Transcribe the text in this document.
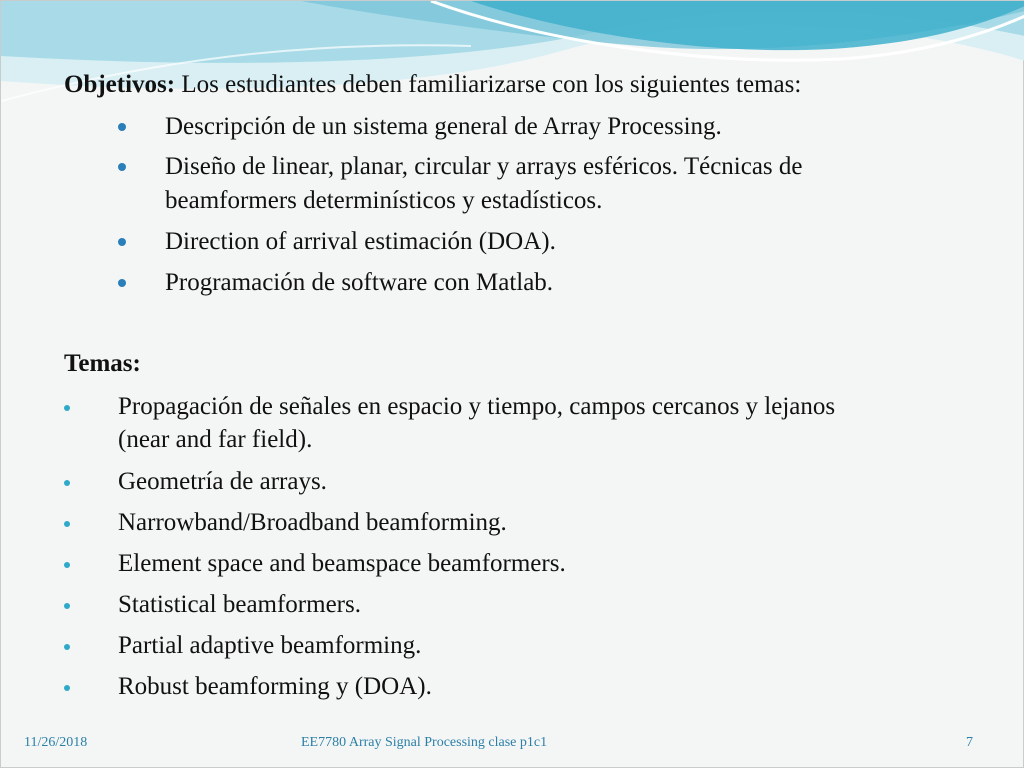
Objetivos: Los estudiantes deben familiarizarse con los siguientes temas:
Descripción de un sistema general de Array Processing.
Diseño de linear, planar, circular y arrays esféricos. Técnicas de
beamformers determinísticos y estadísticos.
Direction of arrival estimación (DOA).
Programación de software con Matlab.
Temas:
Propagación de señales en espacio y tiempo, campos cercanos y lejanos
(near and far field).
Geometría de arrays.
Narrowband/Broadband beamforming.
Element space and beamspace beamformers.
Statistical beamformers.
Partial adaptive beamforming.
Robust beamforming y (DOA).
11/26/2018	EE7780 Array Signal Processing clase p1c1	7
